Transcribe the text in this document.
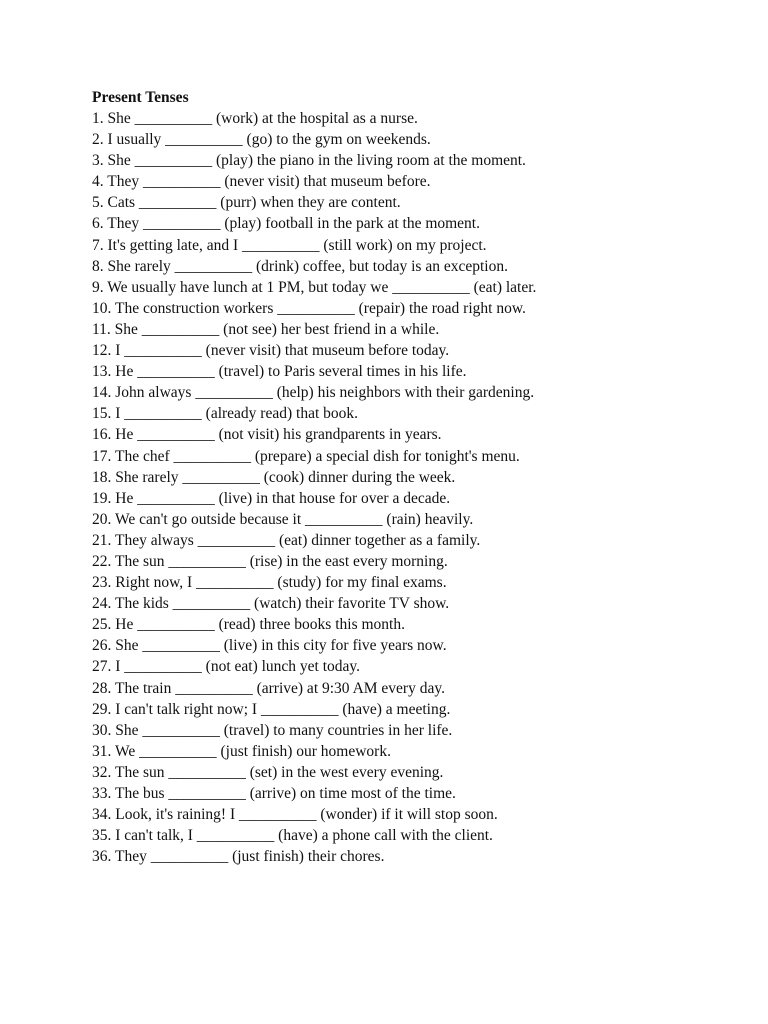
Present Tenses
1. She __________ (work) at the hospital as a nurse.
2. I usually __________ (go) to the gym on weekends.
3. She __________ (play) the piano in the living room at the moment.
4. They __________ (never visit) that museum before.
5. Cats __________ (purr) when they are content.
6. They __________ (play) football in the park at the moment.
7. It's getting late, and I __________ (still work) on my project.
8. She rarely __________ (drink) coffee, but today is an exception.
9. We usually have lunch at 1 PM, but today we __________ (eat) later.
10. The construction workers __________ (repair) the road right now.
11. She __________ (not see) her best friend in a while.
12. I __________ (never visit) that museum before today.
13. He __________ (travel) to Paris several times in his life.
14. John always __________ (help) his neighbors with their gardening.
15. I __________ (already read) that book.
16. He __________ (not visit) his grandparents in years.
17. The chef __________ (prepare) a special dish for tonight's menu.
18. She rarely __________ (cook) dinner during the week.
19. He __________ (live) in that house for over a decade.
20. We can't go outside because it __________ (rain) heavily.
21. They always __________ (eat) dinner together as a family.
22. The sun __________ (rise) in the east every morning.
23. Right now, I __________ (study) for my final exams.
24. The kids __________ (watch) their favorite TV show.
25. He __________ (read) three books this month.
26. She __________ (live) in this city for five years now.
27. I __________ (not eat) lunch yet today.
28. The train __________ (arrive) at 9:30 AM every day.
29. I can't talk right now; I __________ (have) a meeting.
30. She __________ (travel) to many countries in her life.
31. We __________ (just finish) our homework.
32. The sun __________ (set) in the west every evening.
33. The bus __________ (arrive) on time most of the time.
34. Look, it's raining! I __________ (wonder) if it will stop soon.
35. I can't talk, I __________ (have) a phone call with the client.
36. They __________ (just finish) their chores.
